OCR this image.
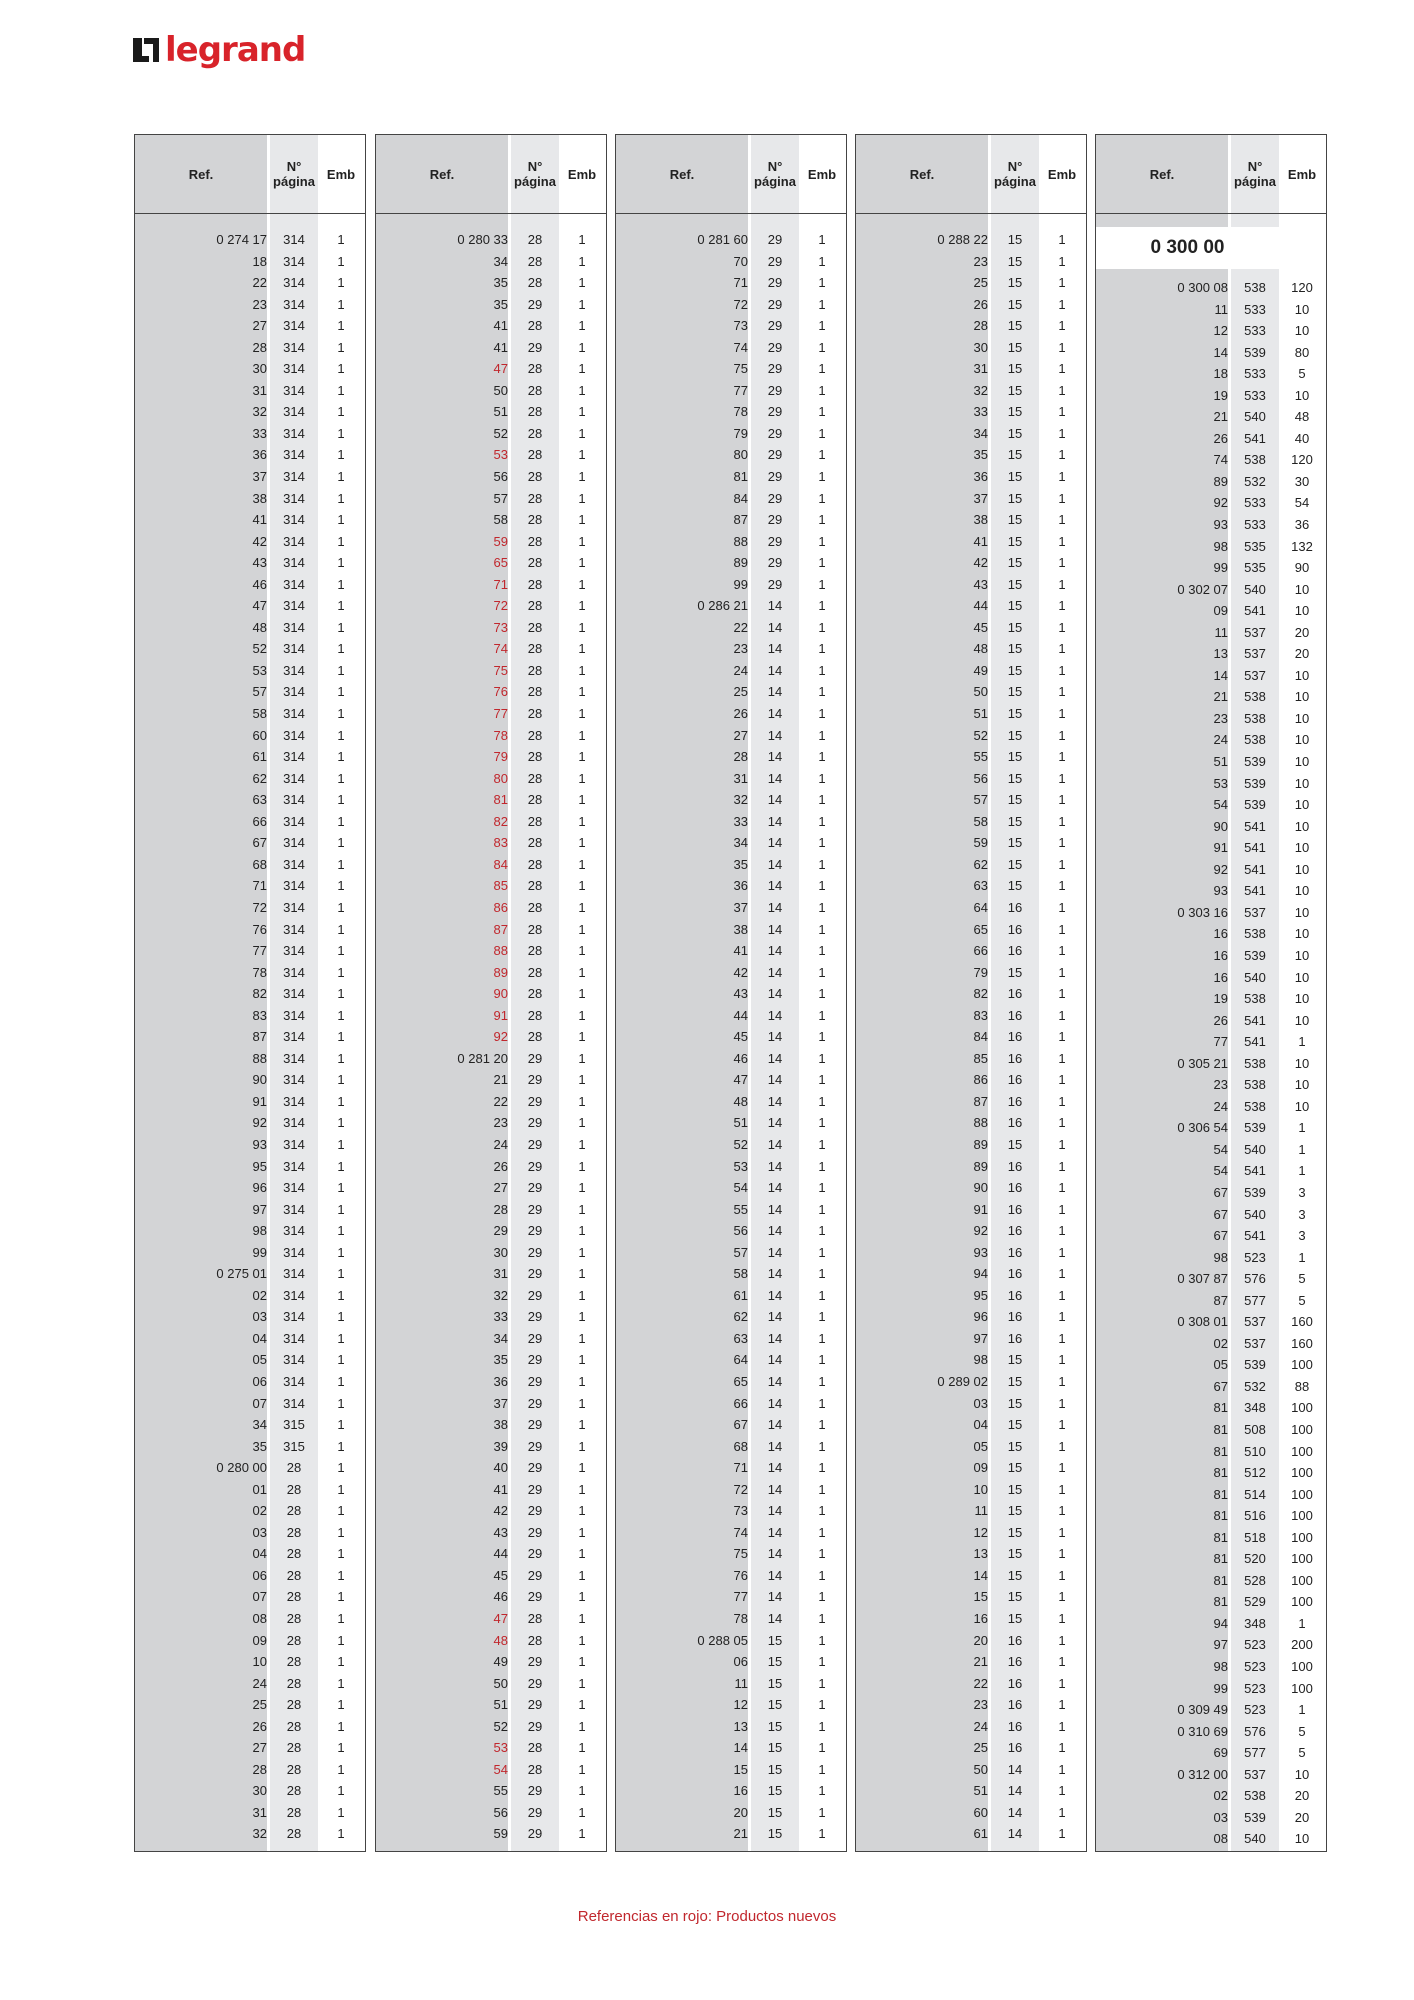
legrand
Ref.	N°
página Emb
0 274 17	314	1
18	314	1
22	314	1
23	314	1
27	314	1
28	314	1
30	314	1
31	314	1
32	314	1
33	314	1
36	314	1
37	314	1
38	314	1
41	314	1
42	314	1
43	314	1
46	314	1
47	314	1
48	314	1
52	314	1
53	314	1
57	314	1
58	314	1
60	314	1
61	314	1
62	314	1
63	314	1
66	314	1
67	314	1
68	314	1
71	314	1
72	314	1
76	314	1
77	314	1
78	314	1
82	314	1
83	314	1
87	314	1
88	314	1
90	314	1
91	314	1
92	314	1
93	314	1
95	314	1
96	314	1
97	314	1
98	314	1
99	314	1
0 275 01	314	1
02	314	1
03	314	1
04	314	1
05	314	1
06	314	1
07	314	1
34	315	1
35	315	1
0 280 00	28	1
01	28	1
02	28	1
03	28	1
04	28	1
06	28	1
07	28	1
08	28	1
09	28	1
10	28	1
24	28	1
25	28	1
26	28	1
27	28	1
28	28	1
30	28	1
31	28	1
32	28	1
Ref.	N°
página Emb
0 280 33	28	1
34	28	1
35	28	1
35	29	1
41	28	1
41	29	1
47	28	1
50	28	1
51	28	1
52	28	1
53	28	1
56	28	1
57	28	1
58	28	1
59	28	1
65	28	1
71	28	1
72	28	1
73	28	1
74	28	1
75	28	1
76	28	1
77	28	1
78	28	1
79	28	1
80	28	1
81	28	1
82	28	1
83	28	1
84	28	1
85	28	1
86	28	1
87	28	1
88	28	1
89	28	1
90	28	1
91	28	1
92	28	1
0 281 20	29	1
21	29	1
22	29	1
23	29	1
24	29	1
26	29	1
27	29	1
28	29	1
29	29	1
30	29	1
31	29	1
32	29	1
33	29	1
34	29	1
35	29	1
36	29	1
37	29	1
38	29	1
39	29	1
40	29	1
41	29	1
42	29	1
43	29	1
44	29	1
45	29	1
46	29	1
47	28	1
48	28	1
49	29	1
50	29	1
51	29	1
52	29	1
53	28	1
54	28	1
55	29	1
56	29	1
59	29	1
Ref.	N°
página Emb
0 281 60	29	1
70	29	1
71	29	1
72	29	1
73	29	1
74	29	1
75	29	1
77	29	1
78	29	1
79	29	1
80	29	1
81	29	1
84	29	1
87	29	1
88	29	1
89	29	1
99	29	1
0 286 21	14	1
22	14	1
23	14	1
24	14	1
25	14	1
26	14	1
27	14	1
28	14	1
31	14	1
32	14	1
33	14	1
34	14	1
35	14	1
36	14	1
37	14	1
38	14	1
41	14	1
42	14	1
43	14	1
44	14	1
45	14	1
46	14	1
47	14	1
48	14	1
51	14	1
52	14	1
53	14	1
54	14	1
55	14	1
56	14	1
57	14	1
58	14	1
61	14	1
62	14	1
63	14	1
64	14	1
65	14	1
66	14	1
67	14	1
68	14	1
71	14	1
72	14	1
73	14	1
74	14	1
75	14	1
76	14	1
77	14	1
78	14	1
0 288 05	15	1
06	15	1
11	15	1
12	15	1
13	15	1
14	15	1
15	15	1
16	15	1
20	15	1
21	15	1
Ref.	N°
página Emb
0 288 22	15	1
23	15	1
25	15	1
26	15	1
28	15	1
30	15	1
31	15	1
32	15	1
33	15	1
34	15	1
35	15	1
36	15	1
37	15	1
38	15	1
41	15	1
42	15	1
43	15	1
44	15	1
45	15	1
48	15	1
49	15	1
50	15	1
51	15	1
52	15	1
55	15	1
56	15	1
57	15	1
58	15	1
59	15	1
62	15	1
63	15	1
64	16	1
65	16	1
66	16	1
79	15	1
82	16	1
83	16	1
84	16	1
85	16	1
86	16	1
87	16	1
88	16	1
89	15	1
89	16	1
90	16	1
91	16	1
92	16	1
93	16	1
94	16	1
95	16	1
96	16	1
97	16	1
98	15	1
0 289 02	15	1
03	15	1
04	15	1
05	15	1
09	15	1
10	15	1
11	15	1
12	15	1
13	15	1
14	15	1
15	15	1
16	15	1
20	16	1
21	16	1
22	16	1
23	16	1
24	16	1
25	16	1
50	14	1
51	14	1
60	14	1
61	14	1
Ref.	N°
página Emb
0 300 00
0 300 08	538	120
11	533	10
12	533	10
14	539	80
18	533	5
19	533	10
21	540	48
26	541	40
74	538	120
89	532	30
92	533	54
93	533	36
98	535	132
99	535	90
0 302 07	540	10
09	541	10
11	537	20
13	537	20
14	537	10
21	538	10
23	538	10
24	538	10
51	539	10
53	539	10
54	539	10
90	541	10
91	541	10
92	541	10
93	541	10
0 303 16	537	10
16	538	10
16	539	10
16	540	10
19	538	10
26	541	10
77	541	1
0 305 21	538	10
23	538	10
24	538	10
0 306 54	539	1
54	540	1
54	541	1
67	539	3
67	540	3
67	541	3
98	523	1
0 307 87	576	5
87	577	5
0 308 01	537	160
02	537	160
05	539	100
67	532	88
81	348	100
81	508	100
81	510	100
81	512	100
81	514	100
81	516	100
81	518	100
81	520	100
81	528	100
81	529	100
94	348	1
97	523	200
98	523	100
99	523	100
0 309 49	523	1
0 310 69	576	5
69	577	5
0 312 00	537	10
02	538	20
03	539	20
08	540	10
Referencias en rojo: Productos nuevos
